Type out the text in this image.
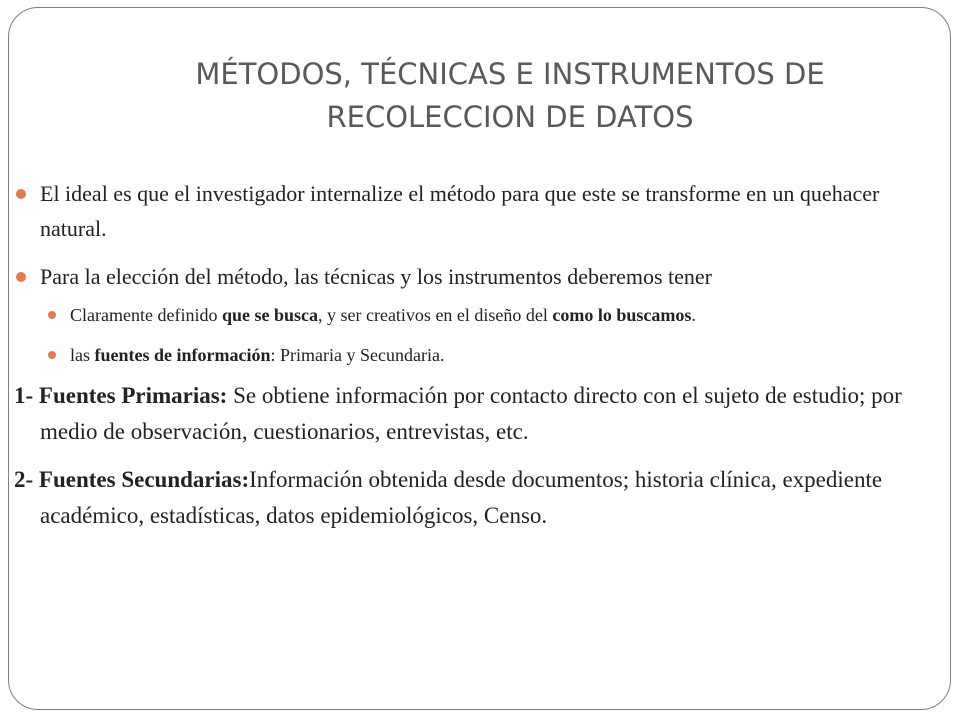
MÉTODOS, TÉCNICAS E INSTRUMENTOS DE
RECOLECCION DE DATOS
El ideal es que el investigador internalize el método para que este se transforme en un quehacer natural.
Para la elección del método, las técnicas y los instrumentos deberemos tener
Claramente definido que se busca, y ser creativos en el diseño del como lo buscamos.
las fuentes de información: Primaria y Secundaria.
1- Fuentes Primarias: Se obtiene información por contacto directo con el sujeto de estudio; por medio de observación, cuestionarios, entrevistas, etc.
2- Fuentes Secundarias:Información obtenida desde documentos; historia clínica, expediente académico, estadísticas, datos epidemiológicos, Censo.
